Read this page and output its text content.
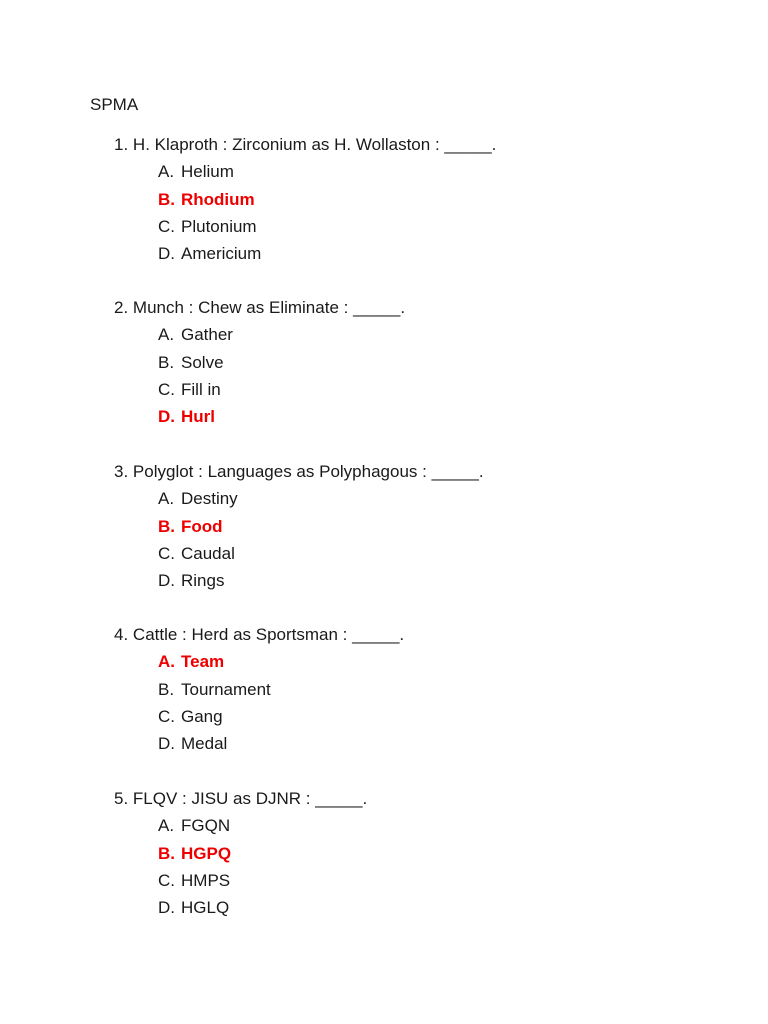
SPMA
1. H. Klaproth : Zirconium as H. Wollaston : _____.
A. Helium
B. Rhodium
C. Plutonium
D. Americium
2. Munch : Chew as Eliminate : _____.
A. Gather
B. Solve
C. Fill in
D. Hurl
3. Polyglot : Languages as Polyphagous : _____.
A. Destiny
B. Food
C. Caudal
D. Rings
4. Cattle : Herd as Sportsman : _____.
A. Team
B. Tournament
C. Gang
D. Medal
5. FLQV : JISU as DJNR : _____.
A. FGQN
B. HGPQ
C. HMPS
D. HGLQ
